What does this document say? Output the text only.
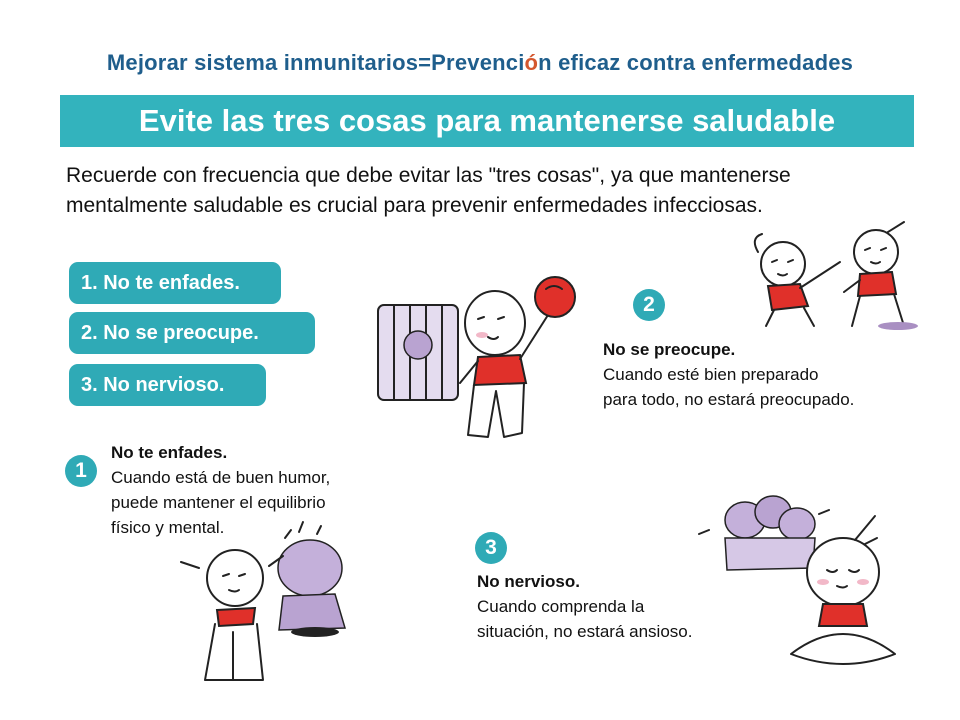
Mejorar sistema inmunitarios=Prevención eficaz contra enfermedades
Evite las tres cosas para mantenerse saludable
Recuerde con frecuencia que debe evitar las "tres cosas", ya que mantenerse
mentalmente saludable es crucial para prevenir enfermedades infecciosas.
1. No te enfades.
2. No se preocupe.
3. No nervioso.
1
No te enfades.
Cuando está de buen humor,
puede mantener el equilibrio
físico y mental.
2
No se preocupe.
Cuando esté bien preparado
para todo, no estará preocupado.
3
No nervioso.
Cuando comprenda la
situación, no estará ansioso.
